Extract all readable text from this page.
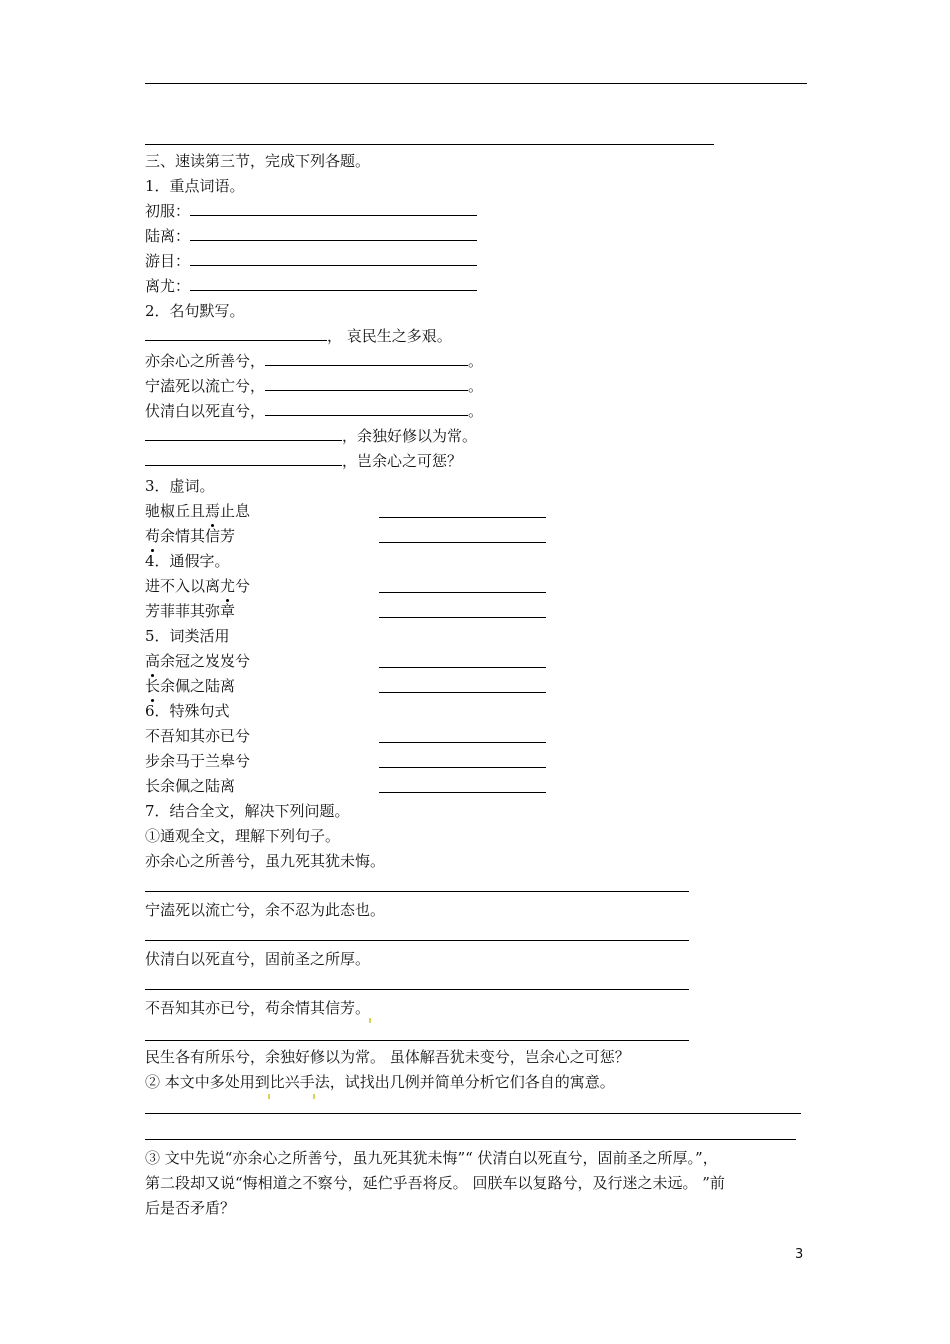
三、速读第三节，完成下列各题。
1．重点词语。
初服：
陆离：
游目：
离尤：
2．名句默写。
， 哀民生之多艰。
亦余心之所善兮，	。
宁溘死以流亡兮，	。
伏清白以死直兮，	。
，余独好修以为常。
，岂余心之可惩？
3．虚词。
驰椒丘且焉止息
苟余情其信芳
4．通假字。
进不入以离尤兮
芳菲菲其弥章
5．词类活用
高余冠之岌岌兮
长余佩之陆离
6．特殊句式
不吾知其亦已兮
步余马于兰皋兮
长余佩之陆离
7．结合全文，解决下列问题。
①通观全文，理解下列句子。
亦余心之所善兮，虽九死其犹未悔。
宁溘死以流亡兮，余不忍为此态也。
伏清白以死直兮，固前圣之所厚。
不吾知其亦已兮，苟余情其信芳。
民生各有所乐兮，余独好修以为常。 虽体解吾犹未变兮，岂余心之可惩？
② 本文中多处用到比兴手法，试找出几例并简单分析它们各自的寓意。
③ 文中先说“亦余心之所善兮，虽九死其犹未悔”“ 伏清白以死直兮，固前圣之所厚。”，
第二段却又说“悔相道之不察兮，延伫乎吾将反。 回朕车以复路兮，及行迷之未远。 ”前
后是否矛盾？
3
